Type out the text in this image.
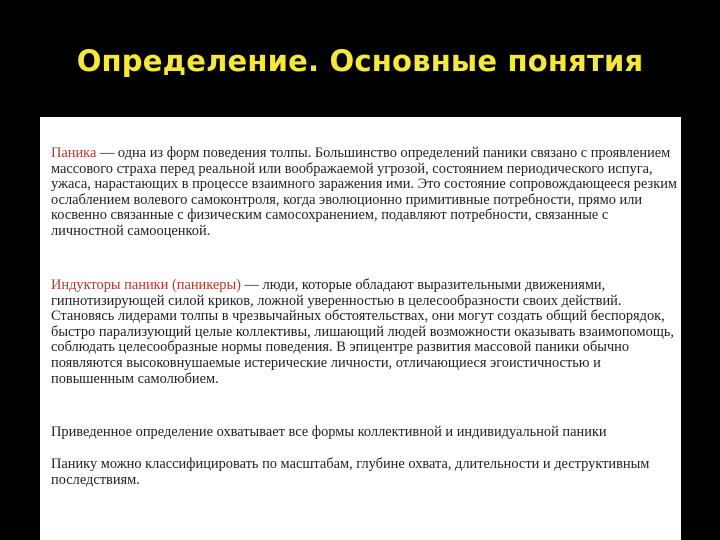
Определение. Основные понятия

Паника — одна из форм поведения толпы. Большинство определений паники связано с проявлением массового страха перед реальной или воображаемой угрозой, состоянием периодического испуга, ужаса, нарастающих в процессе взаимного заражения ими. Это состояние сопровождающееся резким ослаблением волевого самоконтроля, когда эволюционно примитивные потребности, прямо или косвенно связанные с физическим самосохранением, подавляют потребности, связанные с личностной самооценкой.

Индукторы паники (паникеры) — люди, которые обладают выразительными движениями, гипнотизирующей силой криков, ложной уверенностью в целесообразности своих действий. Становясь лидерами толпы в чрезвычайных обстоятельствах, они могут создать общий беспорядок, быстро парализующий целые коллективы, лишающий людей возможности оказывать взаимопомощь, соблюдать целесообразные нормы поведения. В эпицентре развития массовой паники обычно появляются высоковнушаемые истерические личности, отличающиеся эгоистичностью и повышенным самолюбием.

Приведенное определение охватывает все формы коллективной и индивидуальной паники

Панику можно классифицировать по масштабам, глубине охвата, длительности и деструктивным последствиям.
